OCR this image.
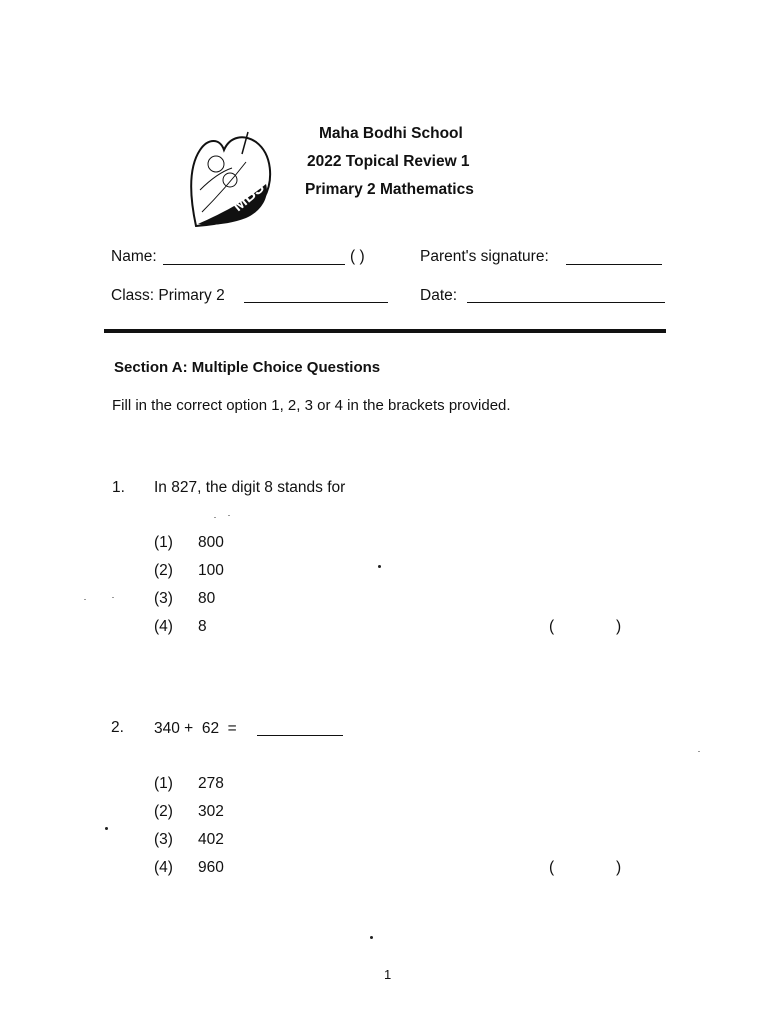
MBS
Maha Bodhi School
2022 Topical Review 1
Primary 2 Mathematics
Name:	( )	Parent's signature:
Class: Primary 2	Date:
Section A: Multiple Choice Questions
Fill in the correct option 1, 2, 3 or 4 in the brackets provided.
1. In 827, the digit 8 stands for
(1) 800
(2) 100
(3) 80
(4) 8	(	)
2. 340 +  62  =
(1) 278
(2) 302
(3) 402
(4) 960	(	)
1
